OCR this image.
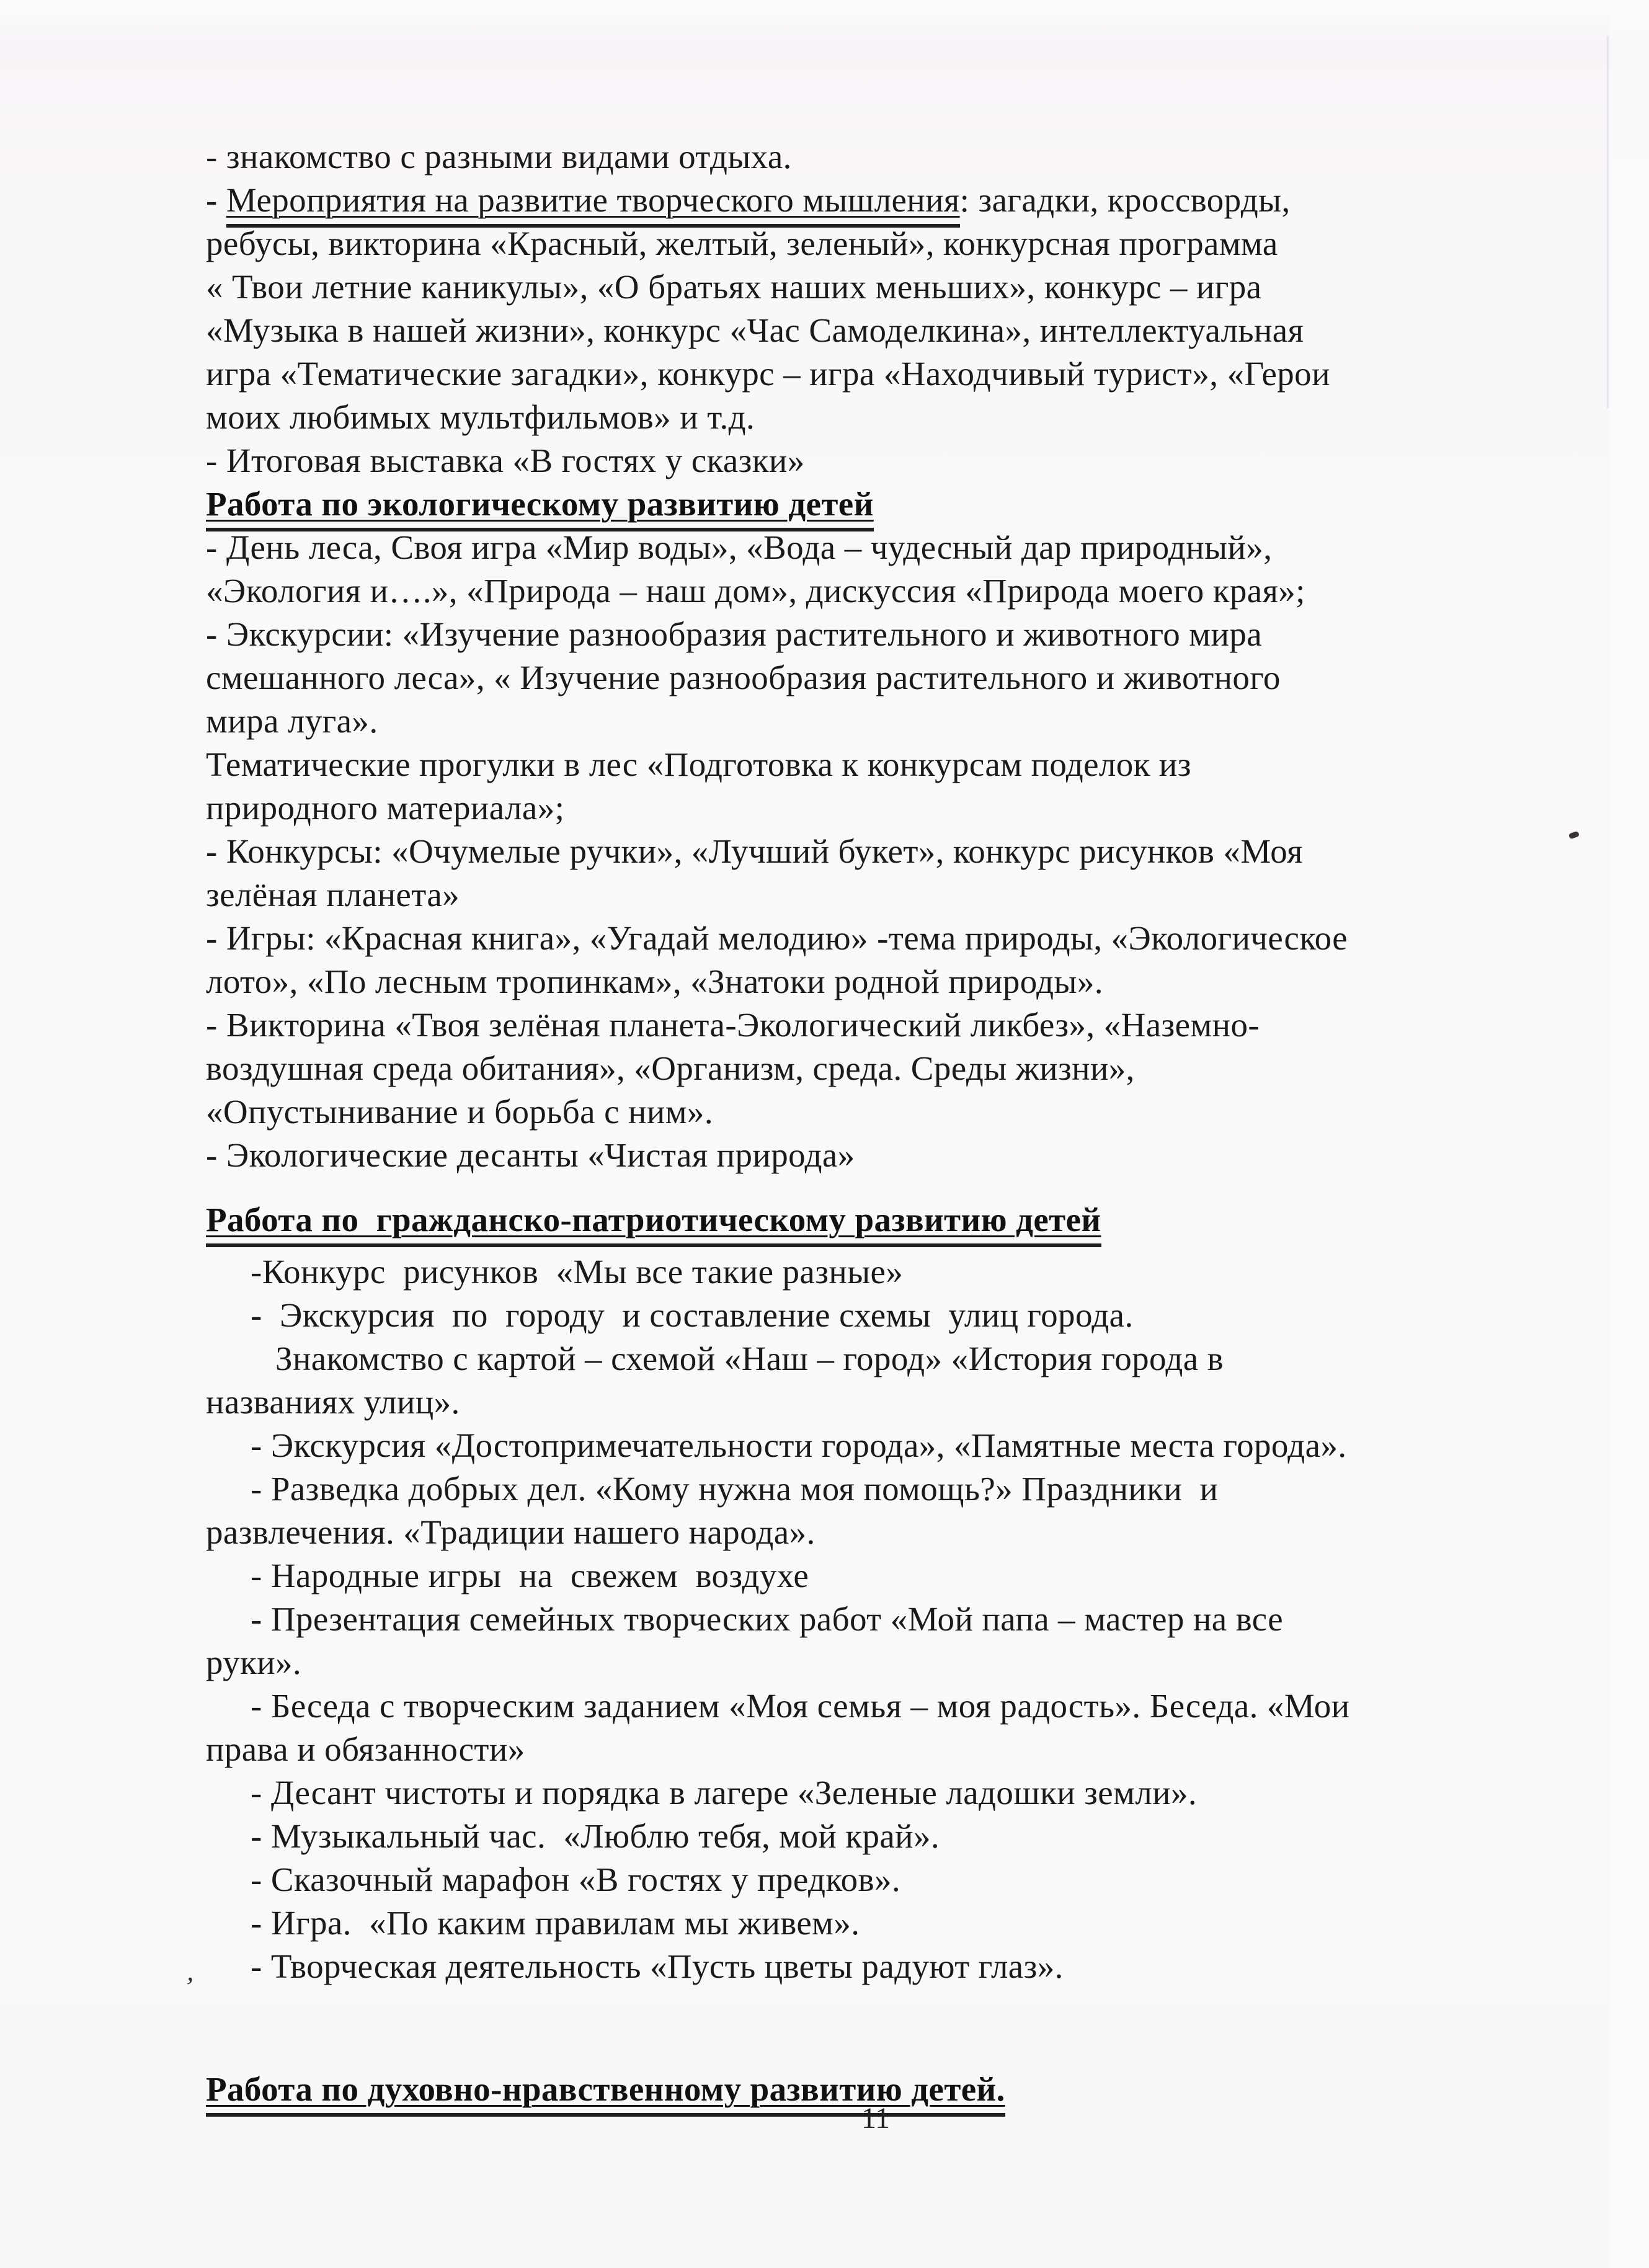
- знакомство с разными видами отдыха.
- Мероприятия на развитие творческого мышления: загадки, кроссворды,
ребусы, викторина «Красный, желтый, зеленый», конкурсная программа
« Твои летние каникулы», «О братьях наших меньших», конкурс – игра
«Музыка в нашей жизни», конкурс «Час Самоделкина», интеллектуальная
игра «Тематические загадки», конкурс – игра «Находчивый турист», «Герои
моих любимых мультфильмов» и т.д.
- Итоговая выставка «В гостях у сказки»
Работа по экологическому развитию детей
- День леса, Своя игра «Мир воды», «Вода – чудесный дар природный»,
«Экология и….», «Природа – наш дом», дискуссия «Природа моего края»;
- Экскурсии: «Изучение разнообразия растительного и животного мира
смешанного леса», « Изучение разнообразия растительного и животного
мира луга».
Тематические прогулки в лес «Подготовка к конкурсам поделок из
природного материала»;
- Конкурсы: «Очумелые ручки», «Лучший букет», конкурс рисунков «Моя
зелёная планета»
- Игры: «Красная книга», «Угадай мелодию» -тема природы, «Экологическое
лото», «По лесным тропинкам», «Знатоки родной природы».
- Викторина «Твоя зелёная планета-Экологический ликбез», «Наземно-
воздушная среда обитания», «Организм, среда. Среды жизни»,
«Опустынивание и борьба с ним».
- Экологические десанты «Чистая природа»
Работа по  гражданско-патриотическому развитию детей
-Конкурс  рисунков  «Мы все такие разные»
-  Экскурсия  по  городу  и составление схемы  улиц города.
Знакомство с картой – схемой «Наш – город» «История города в
названиях улиц».
- Экскурсия «Достопримечательности города», «Памятные места города».
- Разведка добрых дел. «Кому нужна моя помощь?» Праздники  и
развлечения. «Традиции нашего народа».
- Народные игры  на  свежем  воздухе
- Презентация семейных творческих работ «Мой папа – мастер на все
руки».
- Беседа с творческим заданием «Моя семья – моя радость». Беседа. «Мои
права и обязанности»
- Десант чистоты и порядка в лагере «Зеленые ладошки земли».
- Музыкальный час.  «Люблю тебя, мой край».
- Сказочный марафон «В гостях у предков».
- Игра.  «По каким правилам мы живем».
- Творческая деятельность «Пусть цветы радуют глаз».
Работа по духовно-нравственному развитию детей.
’
11
